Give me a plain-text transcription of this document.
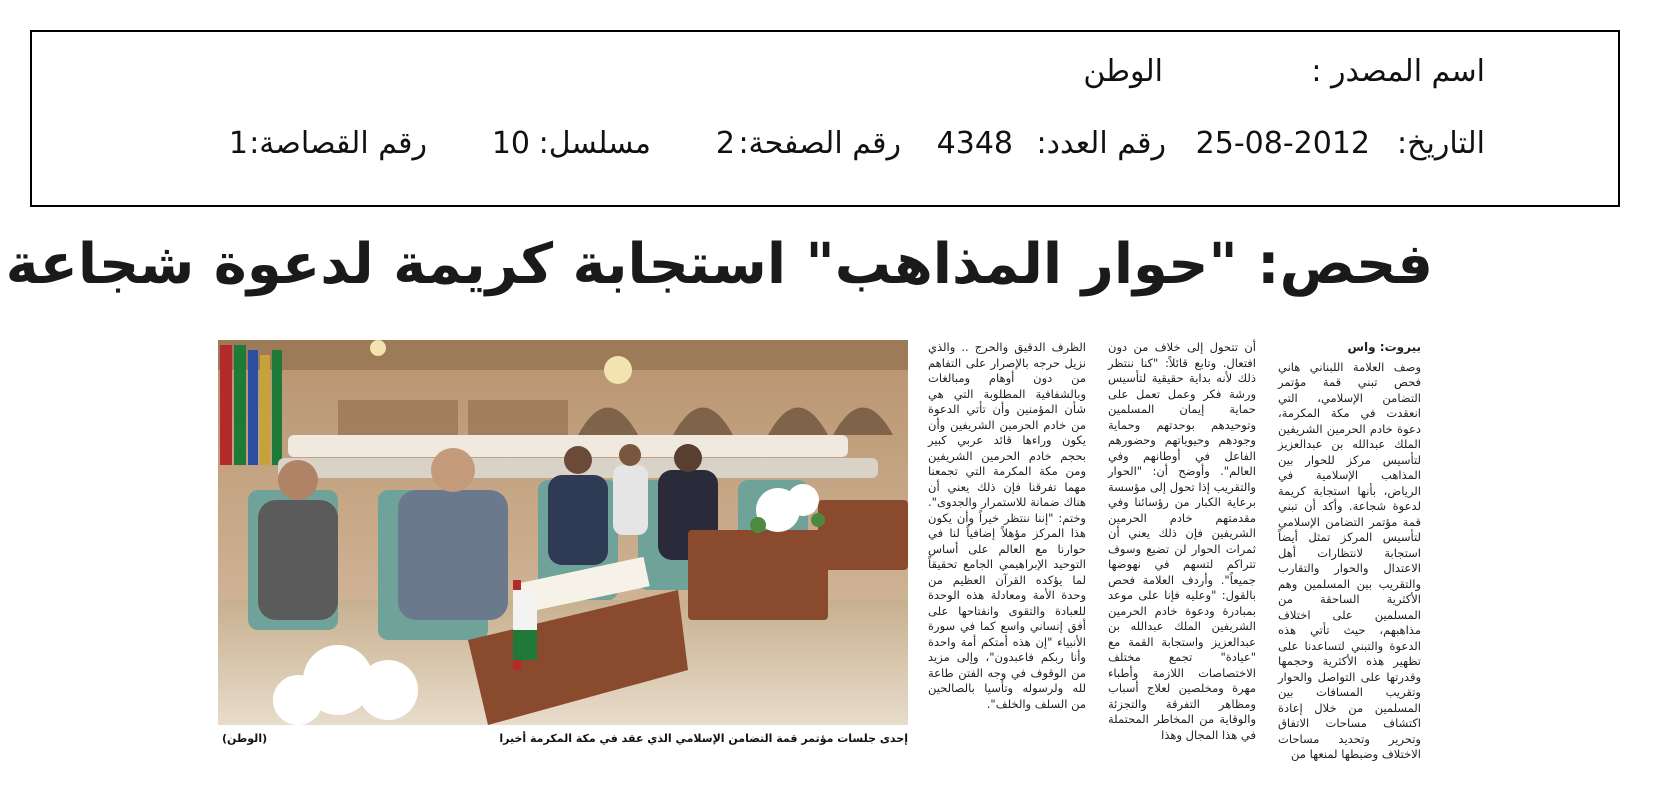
اسم المصدر :
الوطن
التاريخ:
25-08-2012
رقم العدد:
4348
رقم الصفحة:
2
مسلسل:
10
رقم القصاصة:
1
فحص: "حوار المذاهب" استجابة كريمة لدعوة شجاعة
إحدى جلسات مؤتمر قمة التضامن الإسلامي الذي عقد في مكة المكرمة أخيرا
(الوطن)
بيروت: واس

وصف العلامة اللبناني هاني فحص تبني قمة مؤتمر التضامن الإسلامي، التي انعقدت في مكة المكرمة، دعوة خادم الحرمين الشريفين الملك عبدالله بن عبدالعزيز لتأسيس مركز للحوار بين المذاهب الإسلامية في الرياض، بأنها استجابة كريمة لدعوة شجاعة. وأكد أن تبني قمة مؤتمر التضامن الإسلامي لتأسيس المركز تمثل أيضاً استجابة لانتظارات أهل الاعتدال والحوار والتقارب والتقريب بين المسلمين وهم الأكثرية الساحقة من المسلمين على اختلاف مذاهبهم، حيث تأتي هذه الدعوة والتبني لتساعدنا على تظهير هذه الأكثرية وحجمها وقدرتها على التواصل والحوار وتقريب المسافات بين المسلمين من خلال إعادة اكتشاف مساحات الاتفاق وتحرير وتحديد مساحات الاختلاف وضبطها لمنعها من

أن تتحول إلى خلاف من دون افتعال. وتابع قائلاً: "كنا ننتظر ذلك لأنه بداية حقيقية لتأسيس ورشة فكر وعمل تعمل على حماية إيمان المسلمين وتوحيدهم بوحدتهم وحماية وجودهم وحيوياتهم وحضورهم الفاعل في أوطانهم وفي العالم". وأوضح أن: "الحوار والتقريب إذا تحول إلى مؤسسة برعاية الكبار من رؤسائنا وفي مقدمتهم خادم الحرمين الشريفين فإن ذلك يعني أن ثمرات الحوار لن تضيع وسوف تتراكم لتسهم في نهوضها جميعاً". وأردف العلامة فحص بالقول: "وعليه فإنا على موعد بمبادرة ودعوة خادم الحرمين الشريفين الملك عبدالله بن عبدالعزيز واستجابة القمة مع "عيادة" تجمع مختلف الاختصاصات اللازمة وأطباء مهرة ومخلصين لعلاج أسباب ومظاهر التفرقة والتجزئة والوقاية من المخاطر المحتملة في هذا المجال وهذا

الظرف الدقيق والحرج .. والذي نزيل حرجه بالإصرار على التفاهم من دون أوهام ومبالغات وبالشفافية المطلوبة التي هي شأن المؤمنين وأن تأتي الدعوة من خادم الحرمين الشريفين وأن يكون وراءها قائد عربي كبير بحجم خادم الحرمين الشريفين ومن مكة المكرمة التي تجمعنا مهما تفرقنا فإن ذلك يعني أن هناك ضمانة للاستمرار والجدوى". وختم: "إننا ننتظر خيراً وأن يكون هذا المركز مؤهلاً إضافياً لنا في حوارنا مع العالم على أساس التوحيد الإبراهيمي الجامع تحقيقاً لما يؤكده القرآن العظيم من وحدة الأمة ومعادلة هذه الوحدة للعبادة والتقوى وانفتاحها على أفق إنساني واسع كما في سورة الأنبياء "إن هذه أمتكم أمة واحدة وأنا ربكم فاعبدون"، وإلى مزيد من الوقوف في وجه الفتن طاعة لله ولرسوله وتأسيا بالصالحين من السلف والخلف".
